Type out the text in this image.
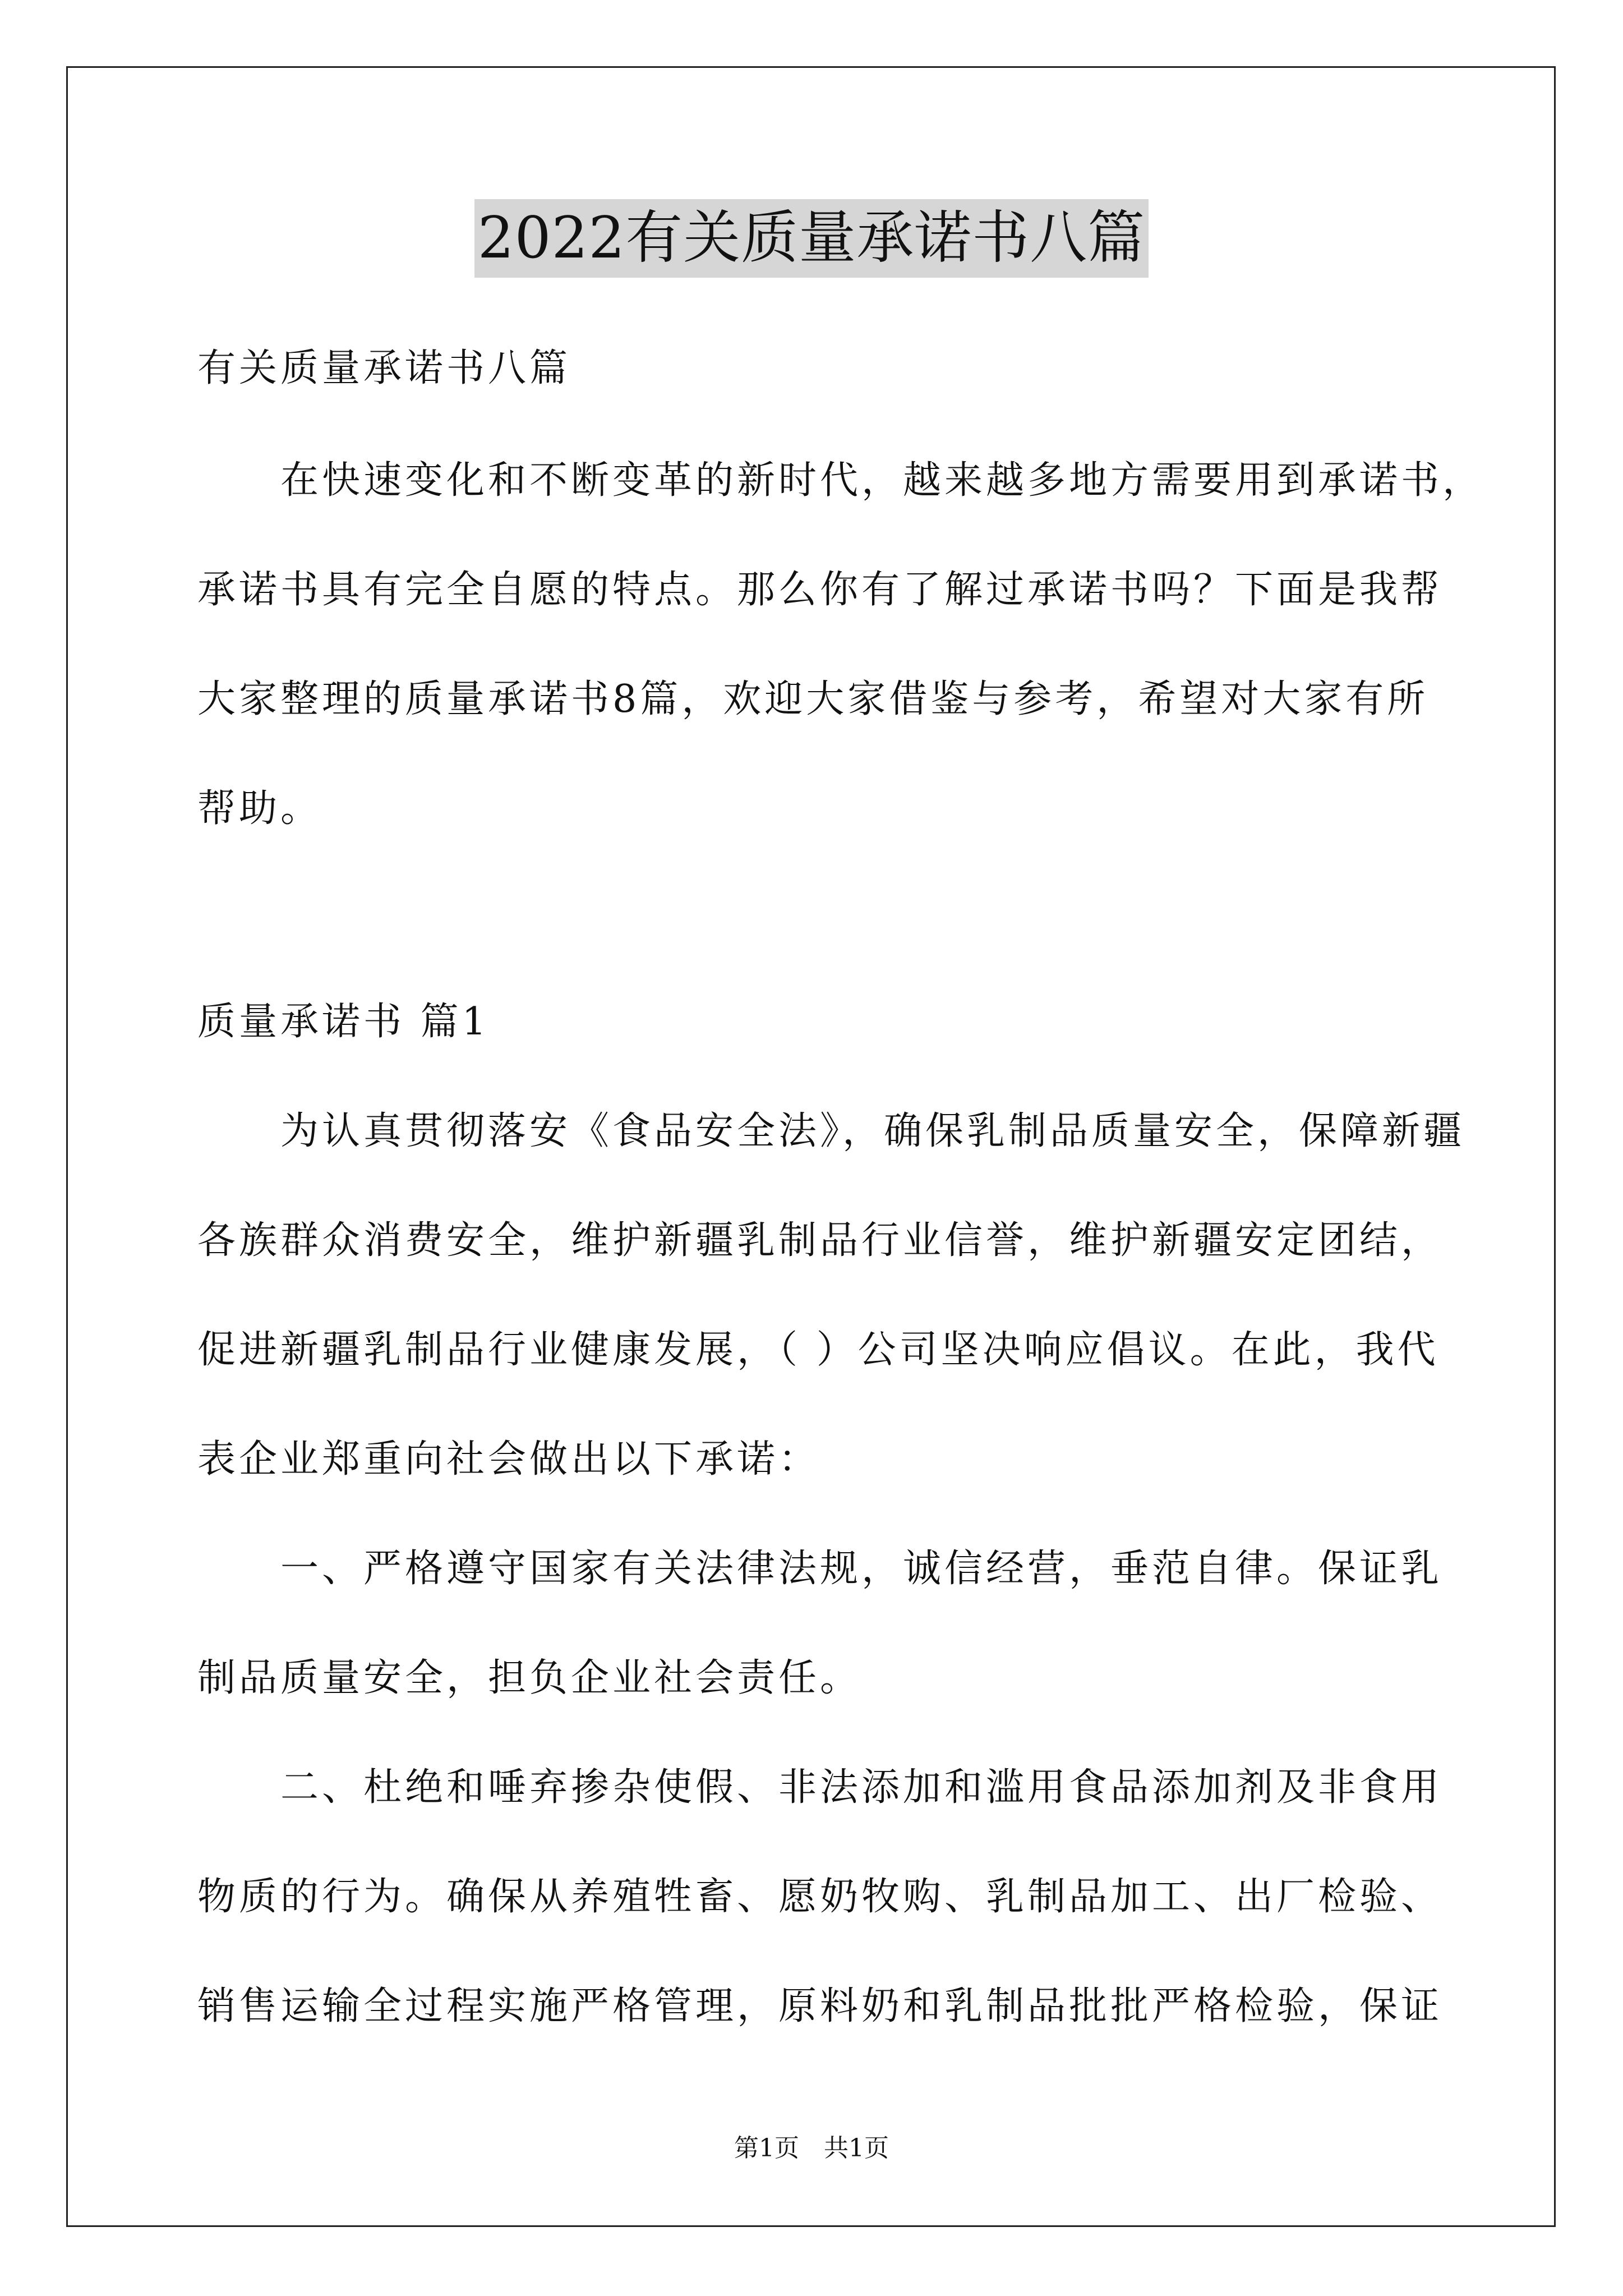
2022有关质量承诺书八篇
有关质量承诺书八篇
在快速变化和不断变革的新时代，越来越多地方需要用到承诺书，
承诺书具有完全自愿的特点。那么你有了解过承诺书吗？下面是我帮
大家整理的质量承诺书8篇，欢迎大家借鉴与参考，希望对大家有所
帮助。
质量承诺书 篇1
为认真贯彻落安《食品安全法》，确保乳制品质量安全，保障新疆
各族群众消费安全，维护新疆乳制品行业信誉，维护新疆安定团结，
促进新疆乳制品行业健康发展，（ ）公司坚决响应倡议。在此，我代
表企业郑重向社会做出以下承诺：
一、严格遵守国家有关法律法规，诚信经营，垂范自律。保证乳
制品质量安全，担负企业社会责任。
二、杜绝和唾弃掺杂使假、非法添加和滥用食品添加剂及非食用
物质的行为。确保从养殖牲畜、愿奶牧购、乳制品加工、出厂检验、
销售运输全过程实施严格管理，原料奶和乳制品批批严格检验，保证
第1页　共1页
